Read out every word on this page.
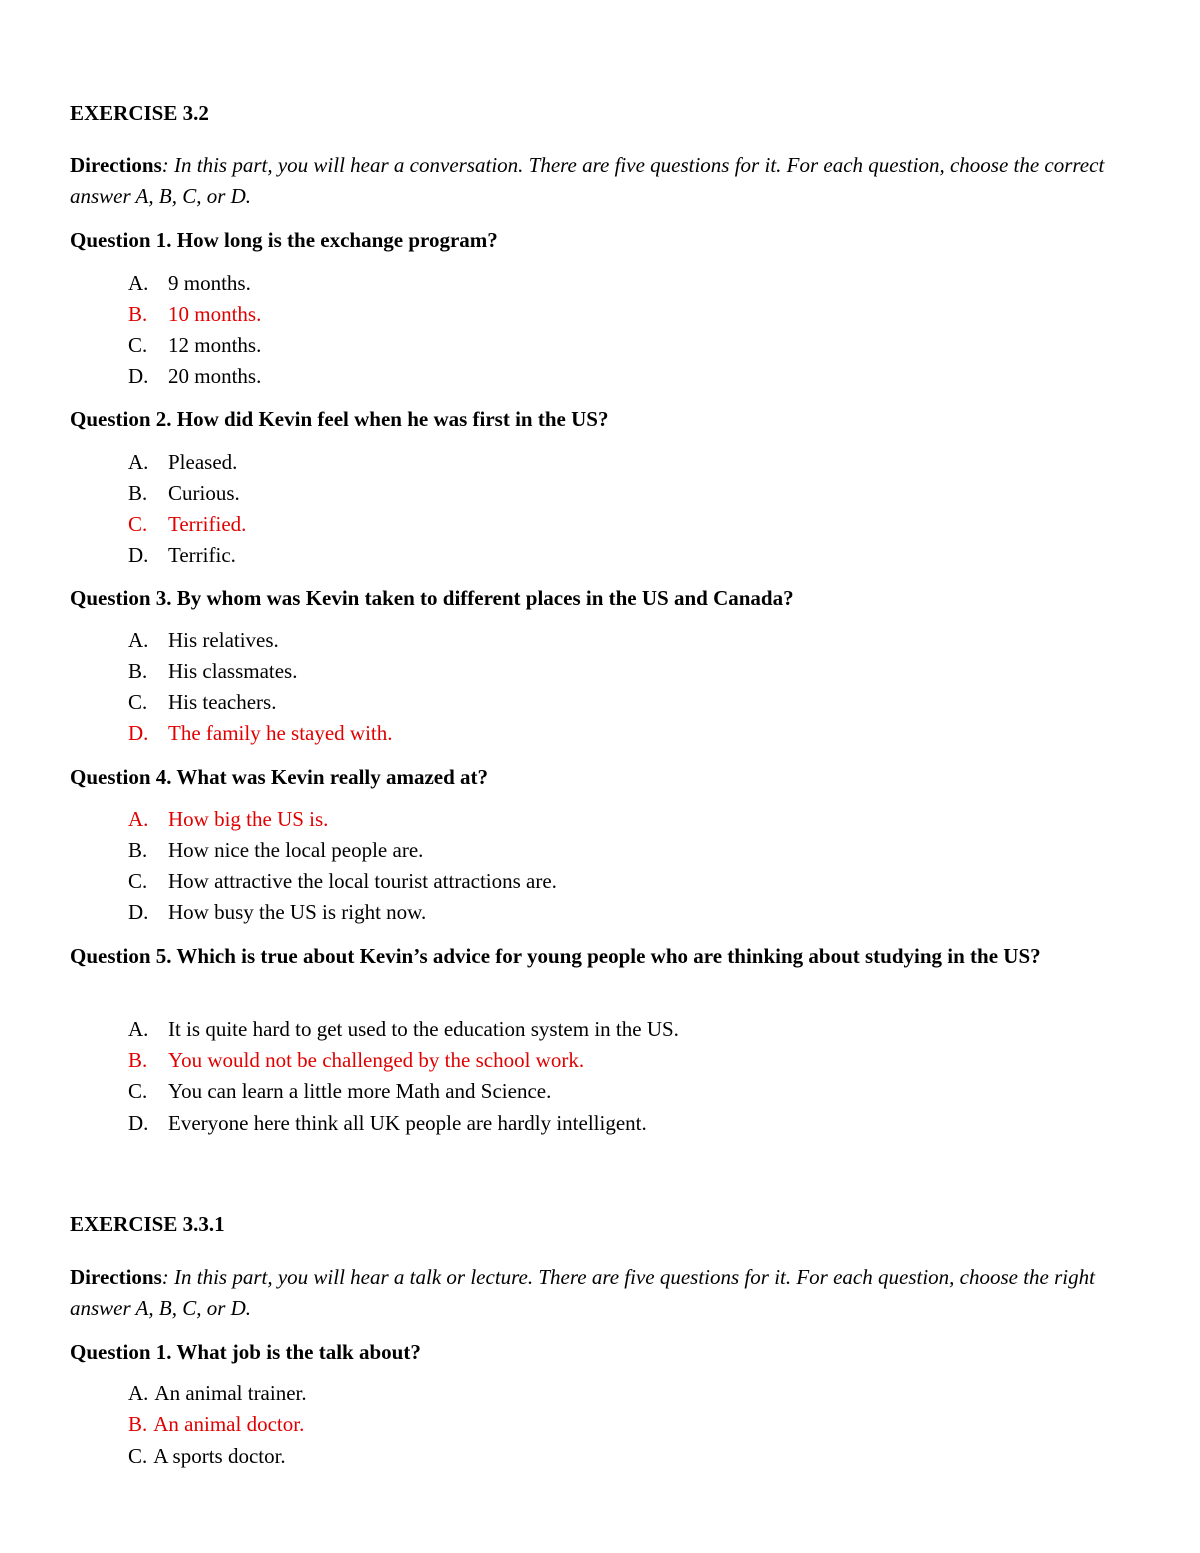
EXERCISE 3.2
Directions: In this part, you will hear a conversation. There are five questions for it. For each question, choose the correct answer A, B, C, or D.
Question 1. How long is the exchange program?
A. 9 months.
B. 10 months.
C. 12 months.
D. 20 months.
Question 2. How did Kevin feel when he was first in the US?
A. Pleased.
B. Curious.
C. Terrified.
D. Terrific.
Question 3. By whom was Kevin taken to different places in the US and Canada?
A. His relatives.
B. His classmates.
C. His teachers.
D. The family he stayed with.
Question 4. What was Kevin really amazed at?
A. How big the US is.
B. How nice the local people are.
C. How attractive the local tourist attractions are.
D. How busy the US is right now.
Question 5. Which is true about Kevin’s advice for young people who are thinking about studying in the US?
A. It is quite hard to get used to the education system in the US.
B. You would not be challenged by the school work.
C. You can learn a little more Math and Science.
D. Everyone here think all UK people are hardly intelligent.
EXERCISE 3.3.1
Directions: In this part, you will hear a talk or lecture. There are five questions for it. For each question, choose the right answer A, B, C, or D.
Question 1. What job is the talk about?
A. An animal trainer.
B. An animal doctor.
C. A sports doctor.
